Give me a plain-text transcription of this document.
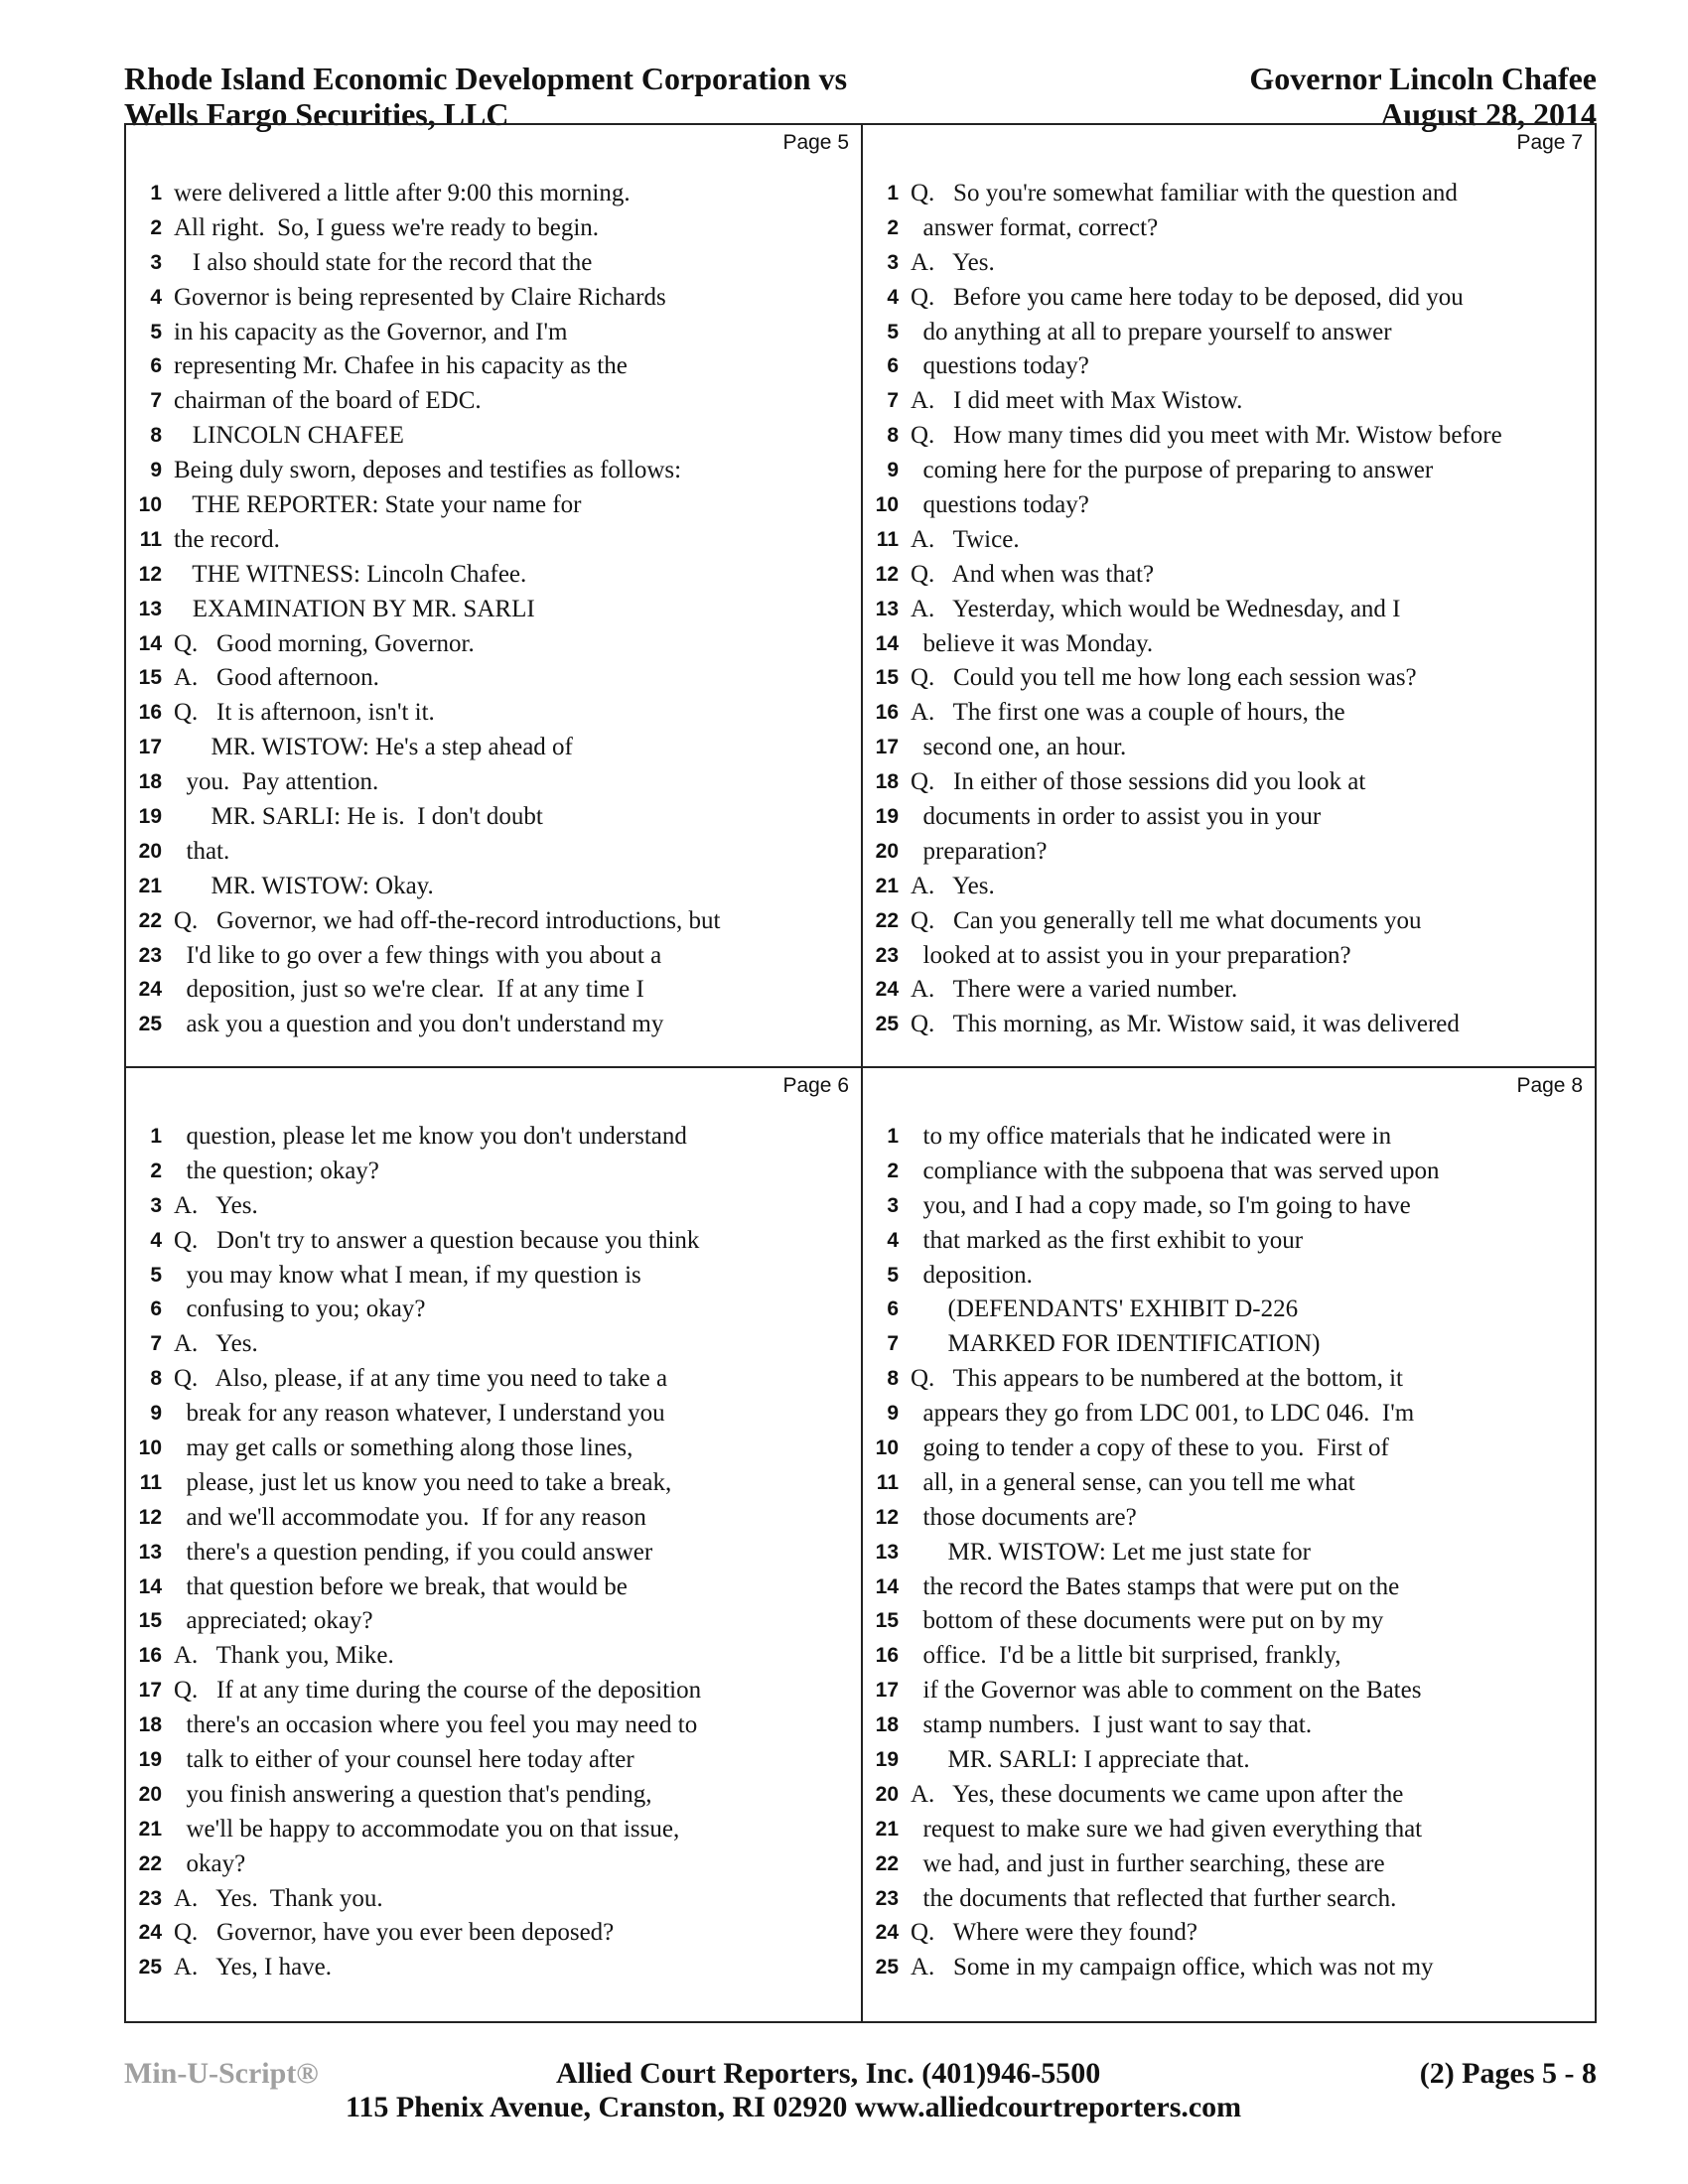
Rhode Island Economic Development Corporation vs
Wells Fargo Securities, LLC
Governor Lincoln Chafee
August 28, 2014
Page 5
1 were delivered a little after 9:00 this morning.
2 All right.  So, I guess we're ready to begin.
3 I also should state for the record that the
4 Governor is being represented by Claire Richards
5 in his capacity as the Governor, and I'm
6 representing Mr. Chafee in his capacity as the
7 chairman of the board of EDC.
8 LINCOLN CHAFEE
9 Being duly sworn, deposes and testifies as follows:
10 THE REPORTER: State your name for
11 the record.
12 THE WITNESS: Lincoln Chafee.
13 EXAMINATION BY MR. SARLI
14 Q.   Good morning, Governor.
15 A.   Good afternoon.
16 Q.   It is afternoon, isn't it.
17 MR. WISTOW: He's a step ahead of
18 you.  Pay attention.
19 MR. SARLI: He is.  I don't doubt
20 that.
21 MR. WISTOW: Okay.
22 Q.   Governor, we had off-the-record introductions, but
23 I'd like to go over a few things with you about a
24 deposition, just so we're clear.  If at any time I
25 ask you a question and you don't understand my
Page 7
1 Q.   So you're somewhat familiar with the question and
2 answer format, correct?
3 A.   Yes.
4 Q.   Before you came here today to be deposed, did you
5 do anything at all to prepare yourself to answer
6 questions today?
7 A.   I did meet with Max Wistow.
8 Q.   How many times did you meet with Mr. Wistow before
9 coming here for the purpose of preparing to answer
10 questions today?
11 A.   Twice.
12 Q.   And when was that?
13 A.   Yesterday, which would be Wednesday, and I
14 believe it was Monday.
15 Q.   Could you tell me how long each session was?
16 A.   The first one was a couple of hours, the
17 second one, an hour.
18 Q.   In either of those sessions did you look at
19 documents in order to assist you in your
20 preparation?
21 A.   Yes.
22 Q.   Can you generally tell me what documents you
23 looked at to assist you in your preparation?
24 A.   There were a varied number.
25 Q.   This morning, as Mr. Wistow said, it was delivered
Page 6
1 question, please let me know you don't understand
2 the question; okay?
3 A.   Yes.
4 Q.   Don't try to answer a question because you think
5 you may know what I mean, if my question is
6 confusing to you; okay?
7 A.   Yes.
8 Q.   Also, please, if at any time you need to take a
9 break for any reason whatever, I understand you
10 may get calls or something along those lines,
11 please, just let us know you need to take a break,
12 and we'll accommodate you.  If for any reason
13 there's a question pending, if you could answer
14 that question before we break, that would be
15 appreciated; okay?
16 A.   Thank you, Mike.
17 Q.   If at any time during the course of the deposition
18 there's an occasion where you feel you may need to
19 talk to either of your counsel here today after
20 you finish answering a question that's pending,
21 we'll be happy to accommodate you on that issue,
22 okay?
23 A.   Yes.  Thank you.
24 Q.   Governor, have you ever been deposed?
25 A.   Yes, I have.
Page 8
1 to my office materials that he indicated were in
2 compliance with the subpoena that was served upon
3 you, and I had a copy made, so I'm going to have
4 that marked as the first exhibit to your
5 deposition.
6 (DEFENDANTS' EXHIBIT D-226
7 MARKED FOR IDENTIFICATION)
8 Q.   This appears to be numbered at the bottom, it
9 appears they go from LDC 001, to LDC 046.  I'm
10 going to tender a copy of these to you.  First of
11 all, in a general sense, can you tell me what
12 those documents are?
13 MR. WISTOW: Let me just state for
14 the record the Bates stamps that were put on the
15 bottom of these documents were put on by my
16 office.  I'd be a little bit surprised, frankly,
17 if the Governor was able to comment on the Bates
18 stamp numbers.  I just want to say that.
19 MR. SARLI: I appreciate that.
20 A.   Yes, these documents we came upon after the
21 request to make sure we had given everything that
22 we had, and just in further searching, these are
23 the documents that reflected that further search.
24 Q.   Where were they found?
25 A.   Some in my campaign office, which was not my
Min-U-Script®	Allied Court Reporters, Inc. (401)946-5500	(2) Pages 5 - 8
115 Phenix Avenue, Cranston, RI 02920 www.alliedcourtreporters.com
